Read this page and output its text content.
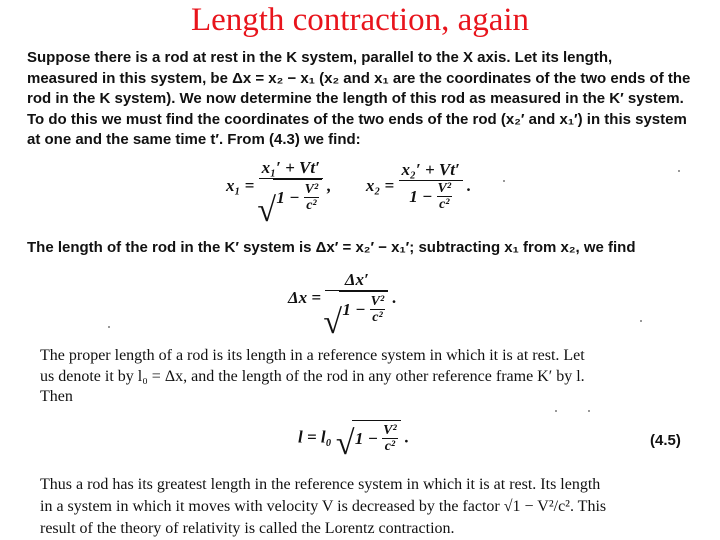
Length contraction, again
Suppose there is a rod at rest in the K system, parallel to the X axis. Let its length,
measured in this system, be Δx = x₂ − x₁ (x₂ and x₁ are the coordinates of the two ends of the
rod in the K system). We now determine the length of this rod as measured in the K′ system.
To do this we must find the coordinates of the two ends of the rod (x₂′ and x₁′) in this system
at one and the same time t′. From (4.3) we find:
x₁ = x₁′ + Vt′
√ $1 - \frac{\text{V²}}{\text{c²}}$ , $x_2 = \frac{\text{x₂′ + Vt′}}{1 - \frac{\text{V²}}{\text{c²}}}$ .
The length of the rod in the K′ system is Δx′ = x₂′ − x₁′; subtracting x₁ from x₂, we find
Δx = Δx′
√ $1 - \frac{\text{V²}}{\text{c²}}$ .
The proper length of a rod is its length in a reference system in which it is at rest. Let
us denote it by l₀ = Δx, and the length of the rod in any other reference frame K′ by l.
Then
l = l₀ √ $1 - \frac{\text{V²}}{\text{c²}}$ .	(4.5)
Thus a rod has its greatest length in the reference system in which it is at rest. Its length
in a system in which it moves with velocity V is decreased by the factor √1 − V²/c². This
result of the theory of relativity is called the Lorentz contraction.
